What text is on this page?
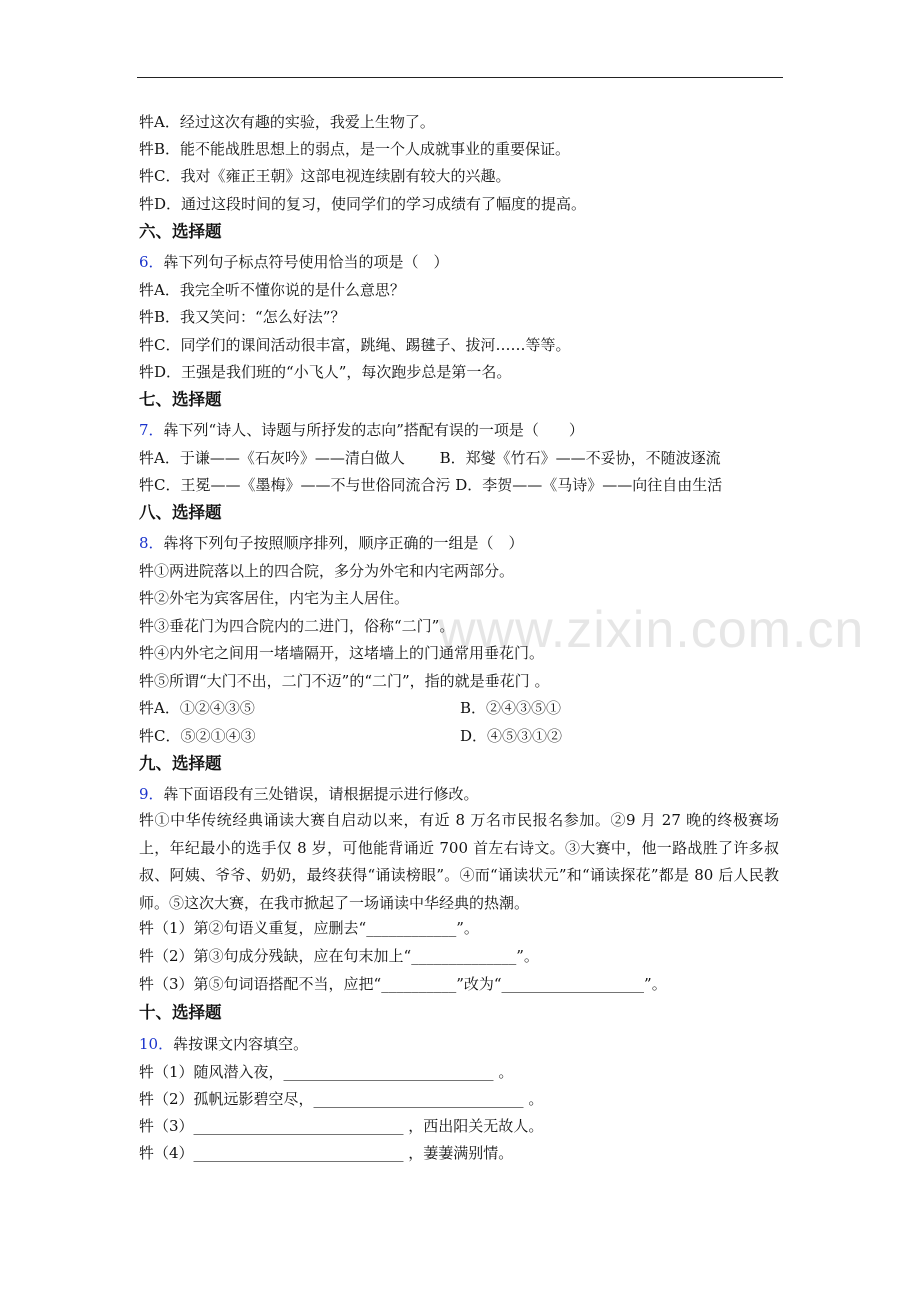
www.zixin.com.cn
牪A．经过这次有趣的实验，我爱上生物了。
牪B．能不能战胜思想上的弱点，是一个人成就事业的重要保证。
牪C．我对《雍正王朝》这部电视连续剧有较大的兴趣。
牪D．通过这段时间的复习，使同学们的学习成绩有了幅度的提高。
六、选择题
6．犇下列句子标点符号使用恰当的项是（　）
牪A．我完全听不懂你说的是什么意思？
牪B．我又笑问：“怎么好法”？
牪C．同学们的课间活动很丰富，跳绳、踢毽子、拔河……等等。
牪D．王强是我们班的“小飞人”，每次跑步总是第一名。
七、选择题
7．犇下列“诗人、诗题与所抒发的志向”搭配有误的一项是（　　）
牪A．于谦——《石灰吟》——清白做人　　 B．郑燮《竹石》——不妥协，不随波逐流
牪C．王冕——《墨梅》——不与世俗同流合污 D．李贺——《马诗》——向往自由生活
八、选择题
8．犇将下列句子按照顺序排列，顺序正确的一组是（　）
牪①两进院落以上的四合院，多分为外宅和内宅两部分。
牪②外宅为宾客居住，内宅为主人居住。
牪③垂花门为四合院内的二进门，俗称“二门”。
牪④内外宅之间用一堵墙隔开，这堵墙上的门通常用垂花门。
牪⑤所谓“大门不出，二门不迈”的“二门”，指的就是垂花门 。
牪A．①②④③⑤	B．②④③⑤①
牪C．⑤②①④③	D．④⑤③①②
九、选择题
9．犇下面语段有三处错误，请根据提示进行修改。
牪①中华传统经典诵读大赛自启动以来，有近 8 万名市民报名参加。②9 月 27 晚的终极赛场上，年纪最小的选手仅 8 岁，可他能背诵近 700 首左右诗文。③大赛中，他一路战胜了许多叔叔、阿姨、爷爷、奶奶，最终获得“诵读榜眼”。④而“诵读状元”和“诵读探花”都是 80 后人民教师。⑤这次大赛，在我市掀起了一场诵读中华经典的热潮。
牪（1）第②句语义重复，应删去“____________”。
牪（2）第③句成分残缺，应在句末加上“______________”。
牪（3）第⑤句词语搭配不当，应把“__________”改为“___________________”。
十、选择题
10．犇按课文内容填空。
牪（1）随风潜入夜，____________________________ 。
牪（2）孤帆远影碧空尽，____________________________ 。
牪（3）____________________________ ，西出阳关无故人。
牪（4）____________________________ ，萋萋满别情。
